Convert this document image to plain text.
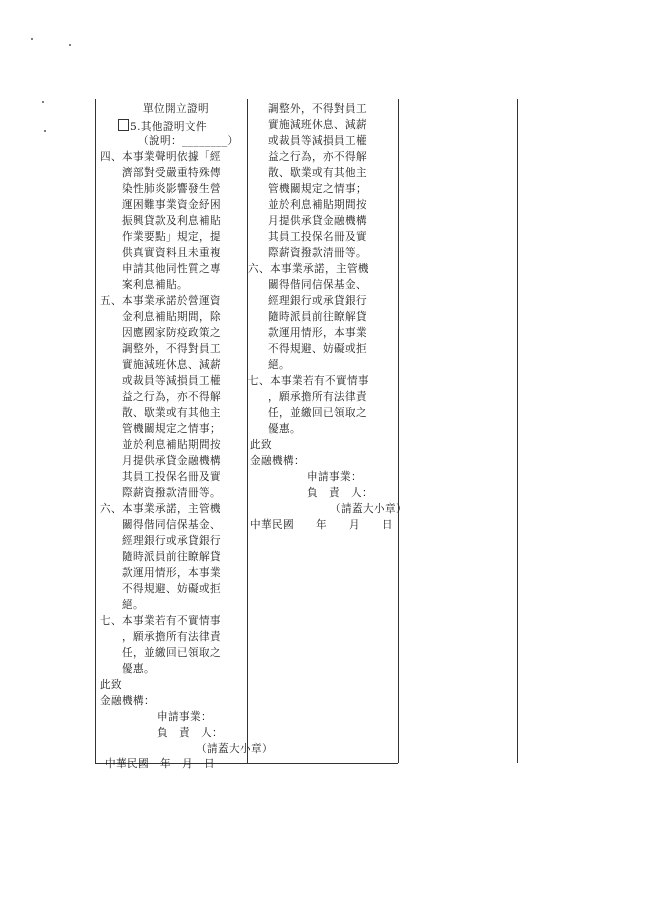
單位開立證明
5.其他證明文件
（說明：________）
四、本事業聲明依據「經
濟部對受嚴重特殊傳
染性肺炎影響發生營
運困難事業資金紓困
振興貸款及利息補貼
作業要點」規定，提
供真實資料且未重複
申請其他同性質之專
案利息補貼。
五、本事業承諾於營運資
金利息補貼期間，除
因應國家防疫政策之
調整外，不得對員工
實施減班休息、減薪
或裁員等減損員工權
益之行為，亦不得解
散、歇業或有其他主
管機關規定之情事；
並於利息補貼期間按
月提供承貸金融機構
其員工投保名冊及實
際薪資撥款清冊等。
六、本事業承諾，主管機
關得偕同信保基金、
經理銀行或承貸銀行
隨時派員前往瞭解貸
款運用情形，本事業
不得規避、妨礙或拒
絕。
七、本事業若有不實情事
，願承擔所有法律責
任，並繳回已領取之
優惠。
此致
金融機構：
申請事業：
負　責　人：
（請蓋大小章）
中華民國　年　月　日
調整外，不得對員工
實施減班休息、減薪
或裁員等減損員工權
益之行為，亦不得解
散、歇業或有其他主
管機關規定之情事；
並於利息補貼期間按
月提供承貸金融機構
其員工投保名冊及實
際薪資撥款清冊等。
六、本事業承諾，主管機
關得偕同信保基金、
經理銀行或承貸銀行
隨時派員前往瞭解貸
款運用情形，本事業
不得規避、妨礙或拒
絕。
七、本事業若有不實情事
，願承擔所有法律責
任，並繳回已領取之
優惠。
此致
金融機構：
申請事業：
負　責　人：
（請蓋大小章）
中華民國　　年　　月　　日
